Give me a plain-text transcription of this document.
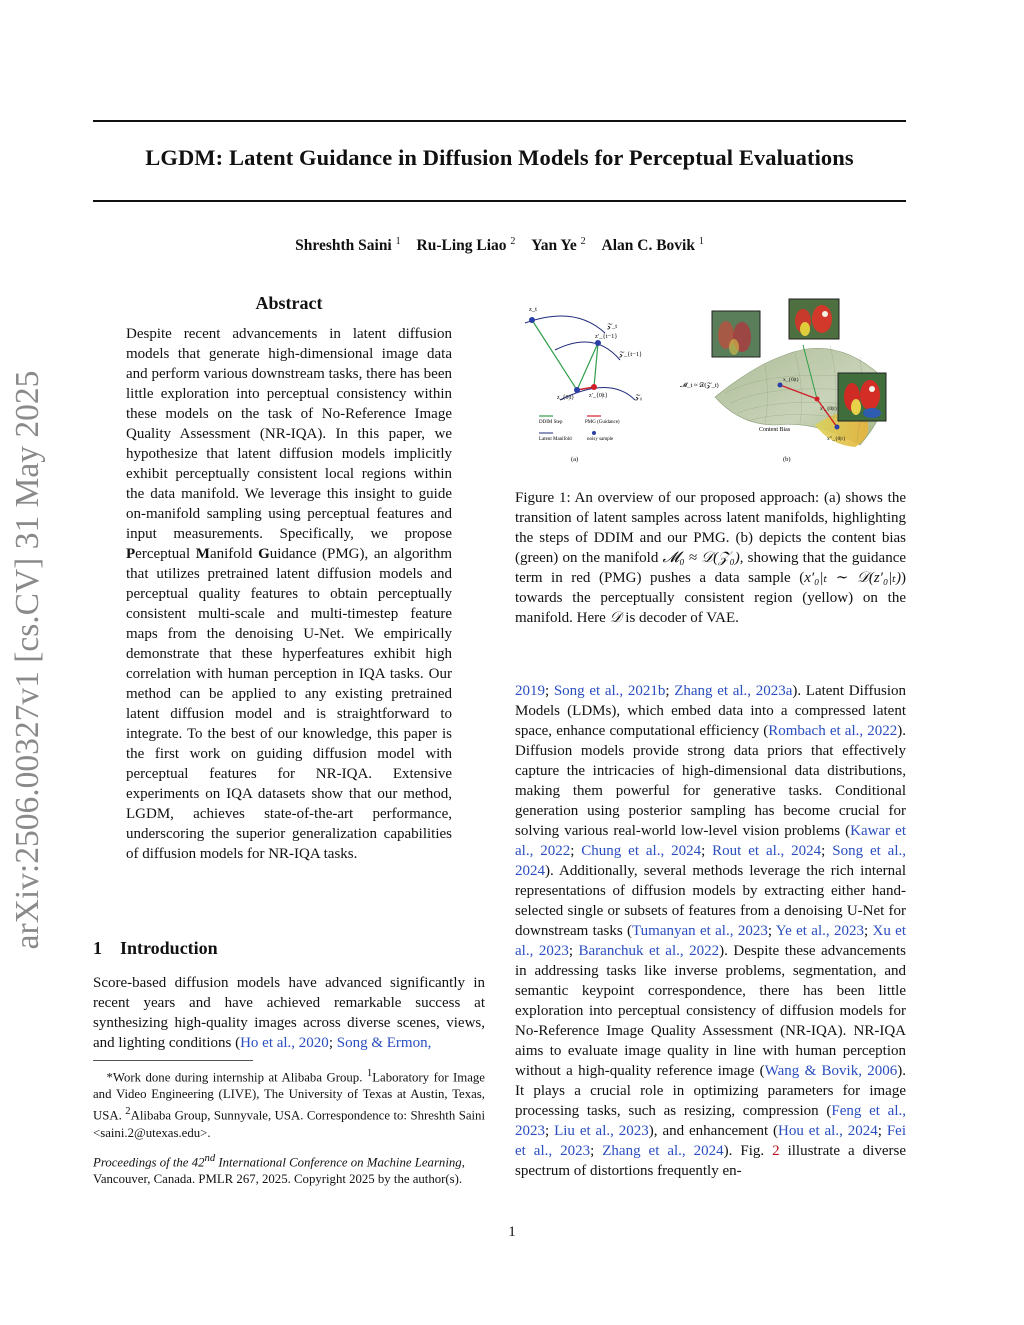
LGDM: Latent Guidance in Diffusion Models for Perceptual Evaluations
Shreshth Saini $^1$ Ru-Ling Liao $^2$ Yan Ye $^2$ Alan C. Bovik $^1$
arXiv:2506.00327v1 [cs.CV] 31 May 2025
Abstract

Despite recent advancements in latent diffusion models that generate high-dimensional image data and perform various downstream tasks, there has been little exploration into perceptual consistency within these models on the task of No-Reference Image Quality Assessment (NR-IQA). In this paper, we hypothesize that latent diffusion models implicitly exhibit perceptually consistent local regions within the data manifold. We leverage this insight to guide on-manifold sampling using perceptual features and input measurements. Specifically, we propose Perceptual Manifold Guidance (PMG), an algorithm that utilizes pretrained latent diffusion models and perceptual quality features to obtain perceptually consistent multi-scale and multi-timestep feature maps from the denoising U-Net. We empirically demonstrate that these hyperfeatures exhibit high correlation with human perception in IQA tasks. Our method can be applied to any existing pretrained latent diffusion model and is straightforward to integrate. To the best of our knowledge, this paper is the first work on guiding diffusion model with perceptual features for NR-IQA. Extensive experiments on IQA datasets show that our method, LGDM, achieves state-of-the-art performance, underscoring the superior generalization capabilities of diffusion models for NR-IQA tasks.

1 Introduction

Score-based diffusion models have advanced significantly in recent years and have achieved remarkable success at synthesizing high-quality images across diverse scenes, views, and lighting conditions (Ho et al., 2020; Song & Ermon,

*Work done during internship at Alibaba Group. $^1$Laboratory for Image and Video Engineering (LIVE), The University of Texas at Austin, Texas, USA. $^2$Alibaba Group, Sunnyvale, USA. Correspondence to: Shreshth Saini <saini.2@utexas.edu>.
Proceedings of the 42nd International Conference on Machine Learning, Vancouver, Canada. PMLR 267, 2025. Copyright 2025 by the author(s).
z_t
𝒵_t
z′_{t−1}
𝒵_{t−1}
z_{0|t} z′_{0|t}	𝒵₀
DDIM Step	PMG (Guidance)
Latent Manifold	noisy sample
(a)
𝓜_t ≈ 𝒟(𝒵_t)
Content Bias
x_{0|t}
x′_{0|t}
x′′_{0|t}
(b)

Figure 1: An overview of our proposed approach: (a) shows the transition of latent samples across latent manifolds, highlighting the steps of DDIM and our PMG. (b) depicts the content bias (green) on the manifold 𝓜₀ ≈ 𝒟(𝒵₀), showing that the guidance term in red (PMG) pushes a data sample (x′₀|ₜ ∼ 𝒟(z′₀|ₜ)) towards the perceptually consistent region (yellow) on the manifold. Here 𝒟 is decoder of VAE.

2019; Song et al., 2021b; Zhang et al., 2023a). Latent Diffusion Models (LDMs), which embed data into a compressed latent space, enhance computational efficiency (Rombach et al., 2022). Diffusion models provide strong data priors that effectively capture the intricacies of high-dimensional data distributions, making them powerful for generative tasks. Conditional generation using posterior sampling has become crucial for solving various real-world low-level vision problems (Kawar et al., 2022; Chung et al., 2024; Rout et al., 2024; Song et al., 2024). Additionally, several methods leverage the rich internal representations of diffusion models by extracting either hand-selected single or subsets of features from a denoising U-Net for downstream tasks (Tumanyan et al., 2023; Ye et al., 2023; Xu et al., 2023; Baranchuk et al., 2022). Despite these advancements in addressing tasks like inverse problems, segmentation, and semantic keypoint correspondence, there has been little exploration into perceptual consistency of diffusion models for No-Reference Image Quality Assessment (NR-IQA). NR-IQA aims to evaluate image quality in line with human perception without a high-quality reference image (Wang & Bovik, 2006). It plays a crucial role in optimizing parameters for image processing tasks, such as resizing, compression (Feng et al., 2023; Liu et al., 2023), and enhancement (Hou et al., 2024; Fei et al., 2023; Zhang et al., 2024). Fig. 2 illustrate a diverse spectrum of distortions frequently en-

1
